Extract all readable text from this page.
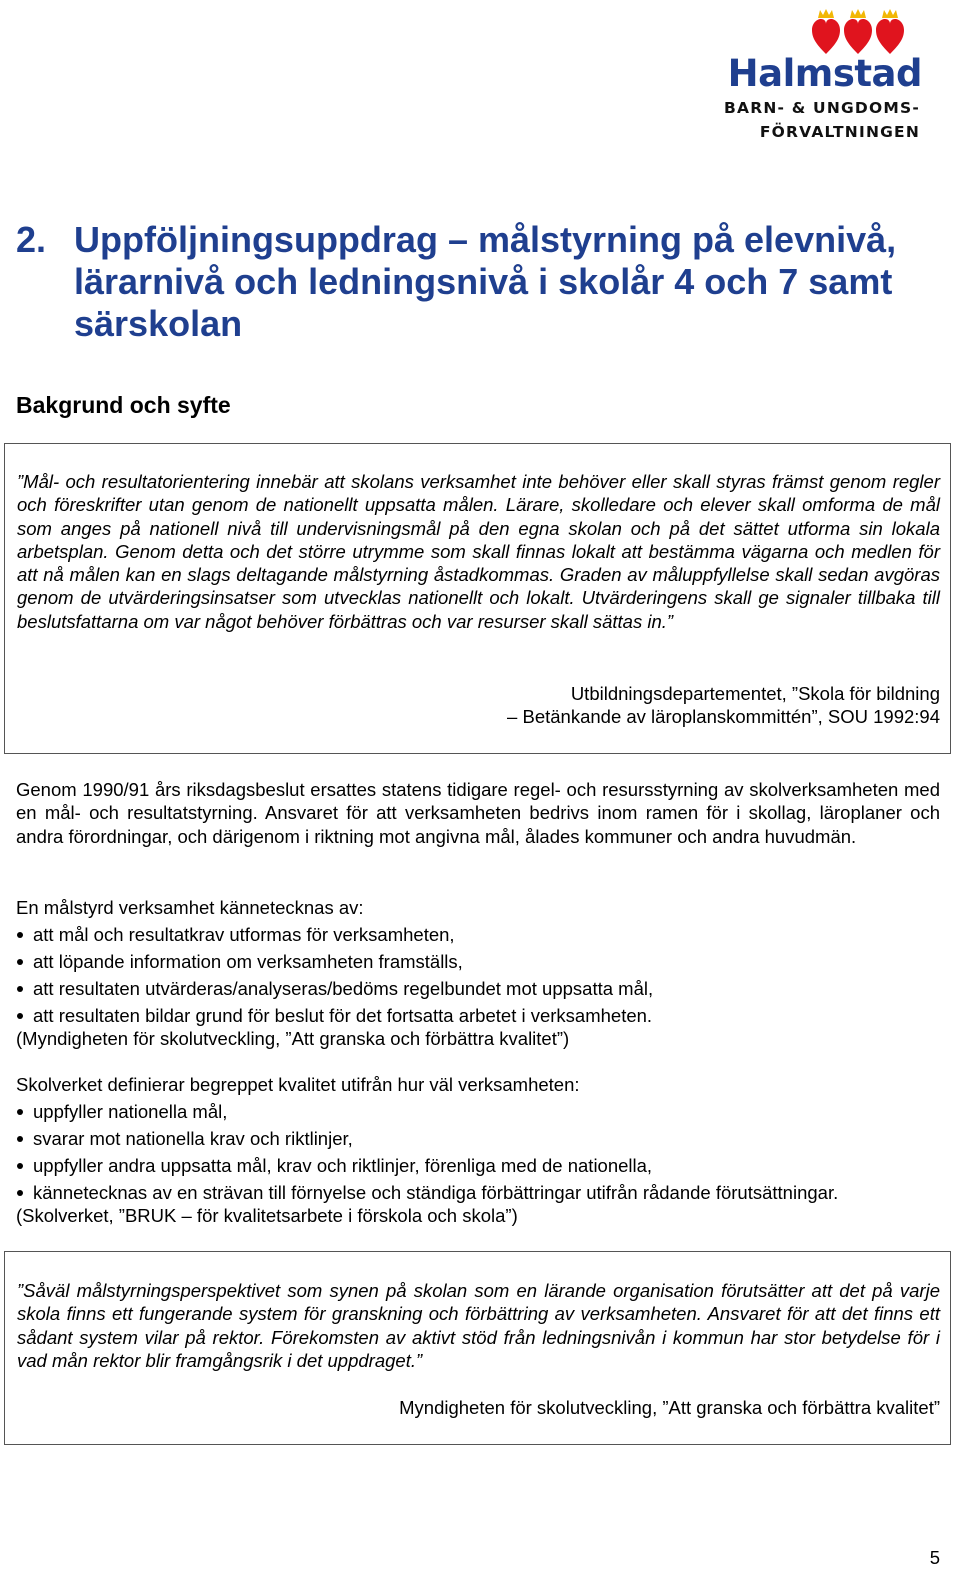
Halmstad
BARN- & UNGDOMS-
FÖRVALTNINGEN
2. Uppföljningsuppdrag – målstyrning på elevnivå, lärarnivå och ledningsnivå i skolår 4 och 7 samt särskolan
Bakgrund och syfte
”Mål- och resultatorientering innebär att skolans verksamhet inte behöver eller skall styras främst genom regler och föreskrifter utan genom de nationellt uppsatta målen. Lärare, skolledare och elever skall omforma de mål som anges på nationell nivå till undervisningsmål på den egna skolan och på det sättet utforma sin lokala arbetsplan. Genom detta och det större utrymme som skall finnas lokalt att bestämma vägarna och medlen för att nå målen kan en slags deltagande målstyrning åstadkommas. Graden av måluppfyllelse skall sedan avgöras genom de utvärderingsinsatser som utvecklas nationellt och lokalt. Utvärderingens skall ge signaler tillbaka till beslutsfattarna om var något behöver förbättras och var resurser skall sättas in.”
Utbildningsdepartementet, ”Skola för bildning
– Betänkande av läroplanskommittén”, SOU 1992:94
Genom 1990/91 års riksdagsbeslut ersattes statens tidigare regel- och resursstyrning av skolverksamheten med en mål- och resultatstyrning. Ansvaret för att verksamheten bedrivs inom ramen för i skollag, läroplaner och andra förordningar, och därigenom i riktning mot angivna mål, ålades kommuner och andra huvudmän.

En målstyrd verksamhet kännetecknas av:

att mål och resultatkrav utformas för verksamheten,
att löpande information om verksamheten framställs,
att resultaten utvärderas/analyseras/bedöms regelbundet mot uppsatta mål,
att resultaten bildar grund för beslut för det fortsatta arbetet i verksamheten.

(Myndigheten för skolutveckling, ”Att granska och förbättra kvalitet”)

Skolverket definierar begreppet kvalitet utifrån hur väl verksamheten:

uppfyller nationella mål,
svarar mot nationella krav och riktlinjer,
uppfyller andra uppsatta mål, krav och riktlinjer, förenliga med de nationella,
kännetecknas av en strävan till förnyelse och ständiga förbättringar utifrån rådande förutsättningar.

(Skolverket, ”BRUK – för kvalitetsarbete i förskola och skola”)

”Såväl målstyrningsperspektivet som synen på skolan som en lärande organisation förutsätter att det på varje skola finns ett fungerande system för granskning och förbättring av verksamheten. Ansvaret för att det finns ett sådant system vilar på rektor. Förekomsten av aktivt stöd från ledningsnivån i kommun har stor betydelse för i vad mån rektor blir framgångsrik i det uppdraget.”
Myndigheten för skolutveckling, ”Att granska och förbättra kvalitet”
5
